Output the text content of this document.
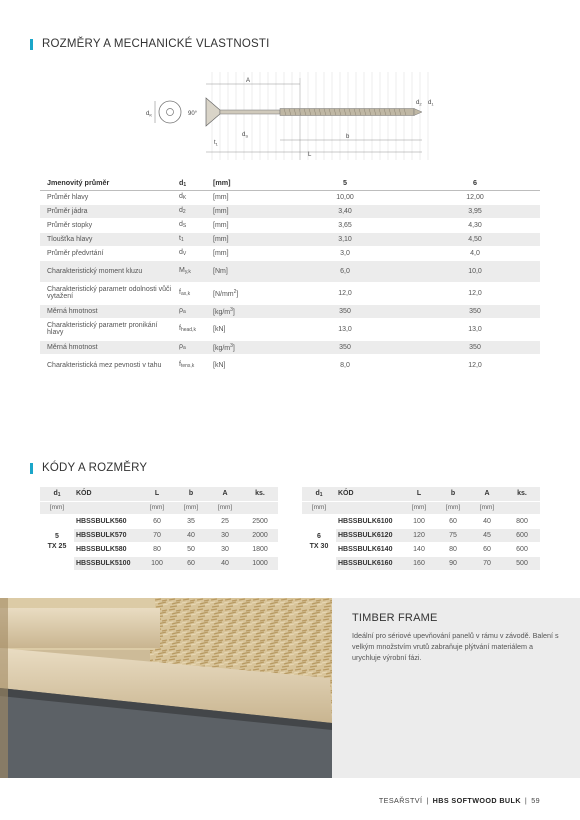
ROZMĚRY A MECHANICKÉ VLASTNOSTI
$d_K$	90°
A
$t_1$
$d_S$	b
L
$d_2$ $d_1$
Jmenovitý průměr	$d_1$	[mm]	5	6
Průměr hlavy	$d_K$	[mm]	10,00	12,00
Průměr jádra	$d_2$	[mm]	3,40	3,95
Průměr stopky	$d_S$	[mm]	3,65	4,30
Tloušťka hlavy	$t_1$	[mm]	3,10	4,50
Průměr předvrtání	$d_V$	[mm]	3,0	4,0
Charakteristický moment kluzu	$M_{y,k}$	[Nm]	6,0	10,0
Charakteristický parametr odolnosti vůči vytažení	$f_{ax,k}$	$[N/mm^2]$	12,0	12,0
Měrná hmotnost	$\rho_a$	$[kg/m^3]$	350	350
Charakteristický parametr pronikání hlavy	$f_{head,k}$	[kN]	13,0	13,0
Měrná hmotnost	$\rho_a$	$[kg/m^3]$	350	350
Charakteristická mez pevnosti v tahu	$f_{tens,k}$	[kN]	8,0	12,0
KÓDY A ROZMĚRY
$d_1$	KÓD	L	b	A	ks.
[mm]		[mm]	[mm]	[mm]	
5
TX 25	HBSSBULK560	60	35	25	2500
	HBSSBULK570	70	40	30	2000
	HBSSBULK580	80	50	30	1800
	HBSSBULK5100	100	60	40	1000
$d_1$	KÓD	L	b	A	ks.
[mm]		[mm]	[mm]	[mm]	
6
TX 30	HBSSBULK6100	100	60	40	800
	HBSSBULK6120	120	75	45	600
	HBSSBULK6140	140	80	60	600
	HBSSBULK6160	160	90	70	500
TIMBER FRAME
Ideální pro sériové upevňování panelů v rámu v závodě. Balení s velkým množstvím vrutů zabraňuje plýtvání materiálem a urychluje výrobní fázi.
TESAŘSTVÍ | HBS SOFTWOOD BULK | 59
